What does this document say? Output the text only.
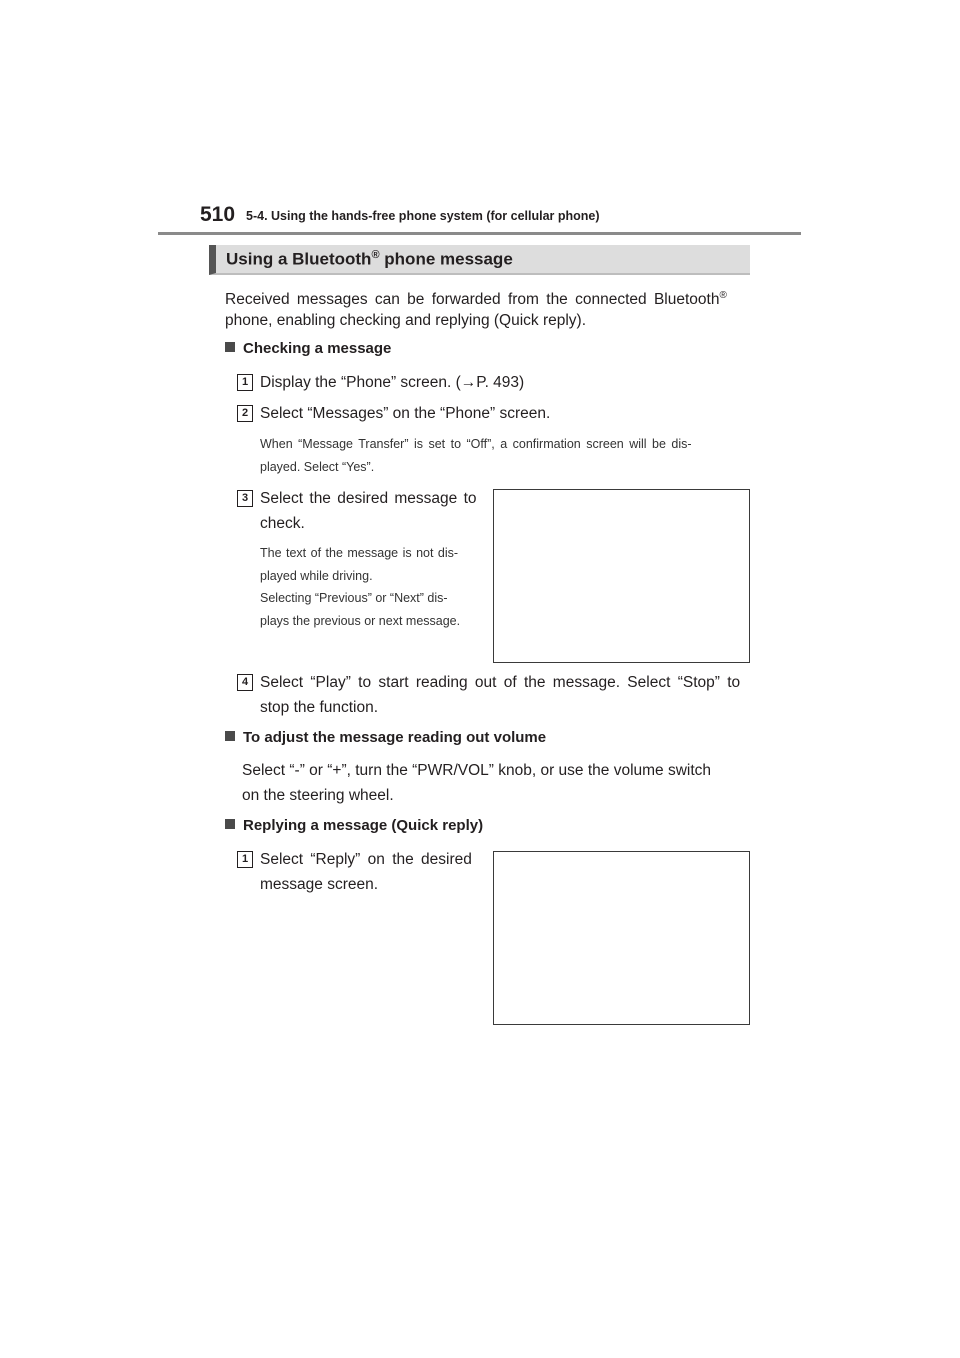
510 5-4. Using the hands-free phone system (for cellular phone)
Using a Bluetooth® phone message
Received messages can be forwarded from the connected Bluetooth®
phone, enabling checking and replying (Quick reply).
Checking a message
1 Display the “Phone” screen. (→P. 493)
2 Select “Messages” on the “Phone” screen.
When “Message Transfer” is set to “Off”, a confirmation screen will be dis-
played. Select “Yes”.
3 Select the desired message to
check.
The text of the message is not dis-
played while driving.
Selecting “Previous” or “Next” dis-
plays the previous or next message.
4 Select “Play” to start reading out of the message. Select “Stop” to
stop the function.
To adjust the message reading out volume
Select “-” or “+”, turn the “PWR/VOL” knob, or use the volume switch
on the steering wheel.
Replying a message (Quick reply)
1 Select “Reply” on the desired
message screen.
